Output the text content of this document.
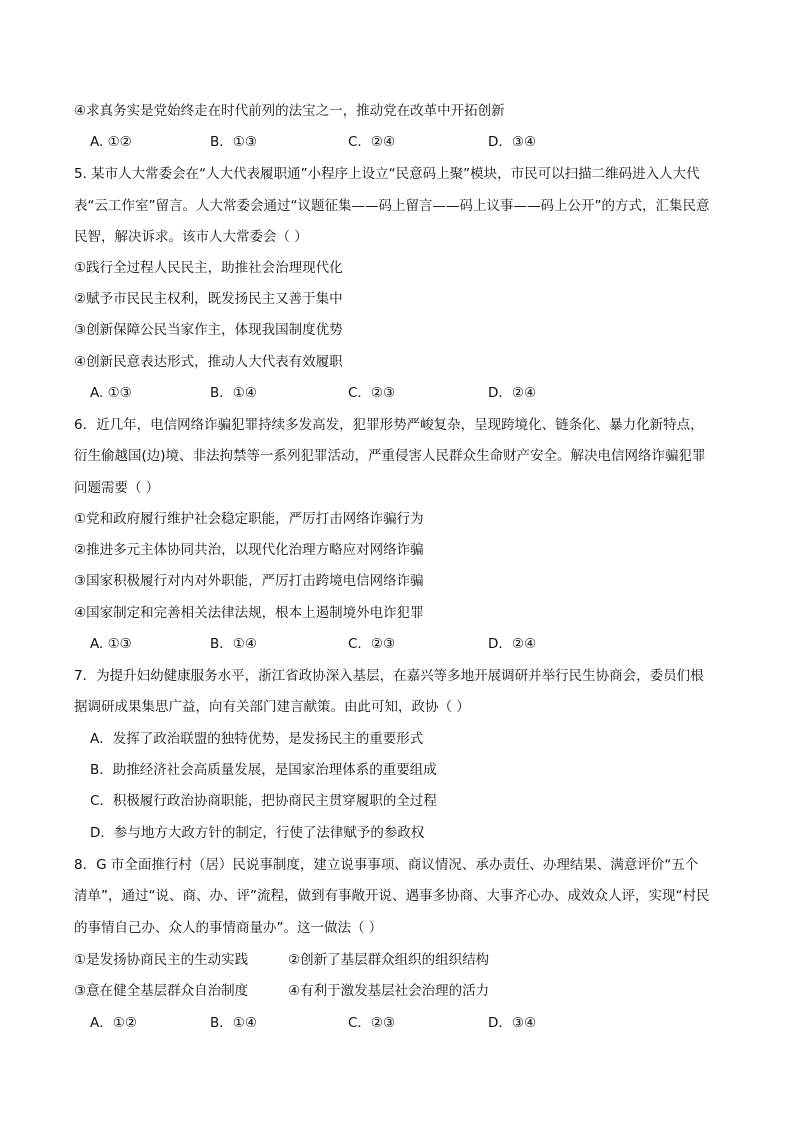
④求真务实是党始终走在时代前列的法宝之一，推动党在改革中开拓创新
A. ①②	B．①③	C．②④	D．③④
5. 某市人大常委会在“人大代表履职通”小程序上设立“民意码上聚”模块，市民可以扫描二维码进入人大代
表“云工作室”留言。人大常委会通过“议题征集——码上留言——码上议事——码上公开”的方式，汇集民意
民智，解决诉求。该市人大常委会（ ）
①践行全过程人民民主，助推社会治理现代化
②赋予市民民主权利，既发扬民主又善于集中
③创新保障公民当家作主，体现我国制度优势
④创新民意表达形式，推动人大代表有效履职
A. ①③	B．①④	C．②③	D．②④
6．近几年，电信网络诈骗犯罪持续多发高发，犯罪形势严峻复杂，呈现跨境化、链条化、暴力化新特点，
衍生偷越国(边)境、非法拘禁等一系列犯罪活动，严重侵害人民群众生命财产安全。解决电信网络诈骗犯罪
问题需要（ ）
①党和政府履行维护社会稳定职能，严厉打击网络诈骗行为
②推进多元主体协同共治，以现代化治理方略应对网络诈骗
③国家积极履行对内对外职能，严厉打击跨境电信网络诈骗
④国家制定和完善相关法律法规，根本上遏制境外电诈犯罪
A. ①③	B．①④	C．②③	D．②④
7．为提升妇幼健康服务水平，浙江省政协深入基层，在嘉兴等多地开展调研并举行民生协商会，委员们根
据调研成果集思广益，向有关部门建言献策。由此可知，政协（ ）
A．发挥了政治联盟的独特优势，是发扬民主的重要形式
B．助推经济社会高质量发展，是国家治理体系的重要组成
C．积极履行政治协商职能，把协商民主贯穿履职的全过程
D．参与地方大政方针的制定，行使了法律赋予的参政权
8．G 市全面推行村（居）民说事制度，建立说事事项、商议情况、承办责任、办理结果、满意评价“五个
清单”，通过“说、商、办、评”流程，做到有事敞开说、遇事多协商、大事齐心办、成效众人评，实现“村民
的事情自己办、众人的事情商量办”。这一做法（ ）
①是发扬协商民主的生动实践	②创新了基层群众组织的组织结构
③意在健全基层群众自治制度	④有利于激发基层社会治理的活力
A．①②	B．①④	C．②③	D．③④
